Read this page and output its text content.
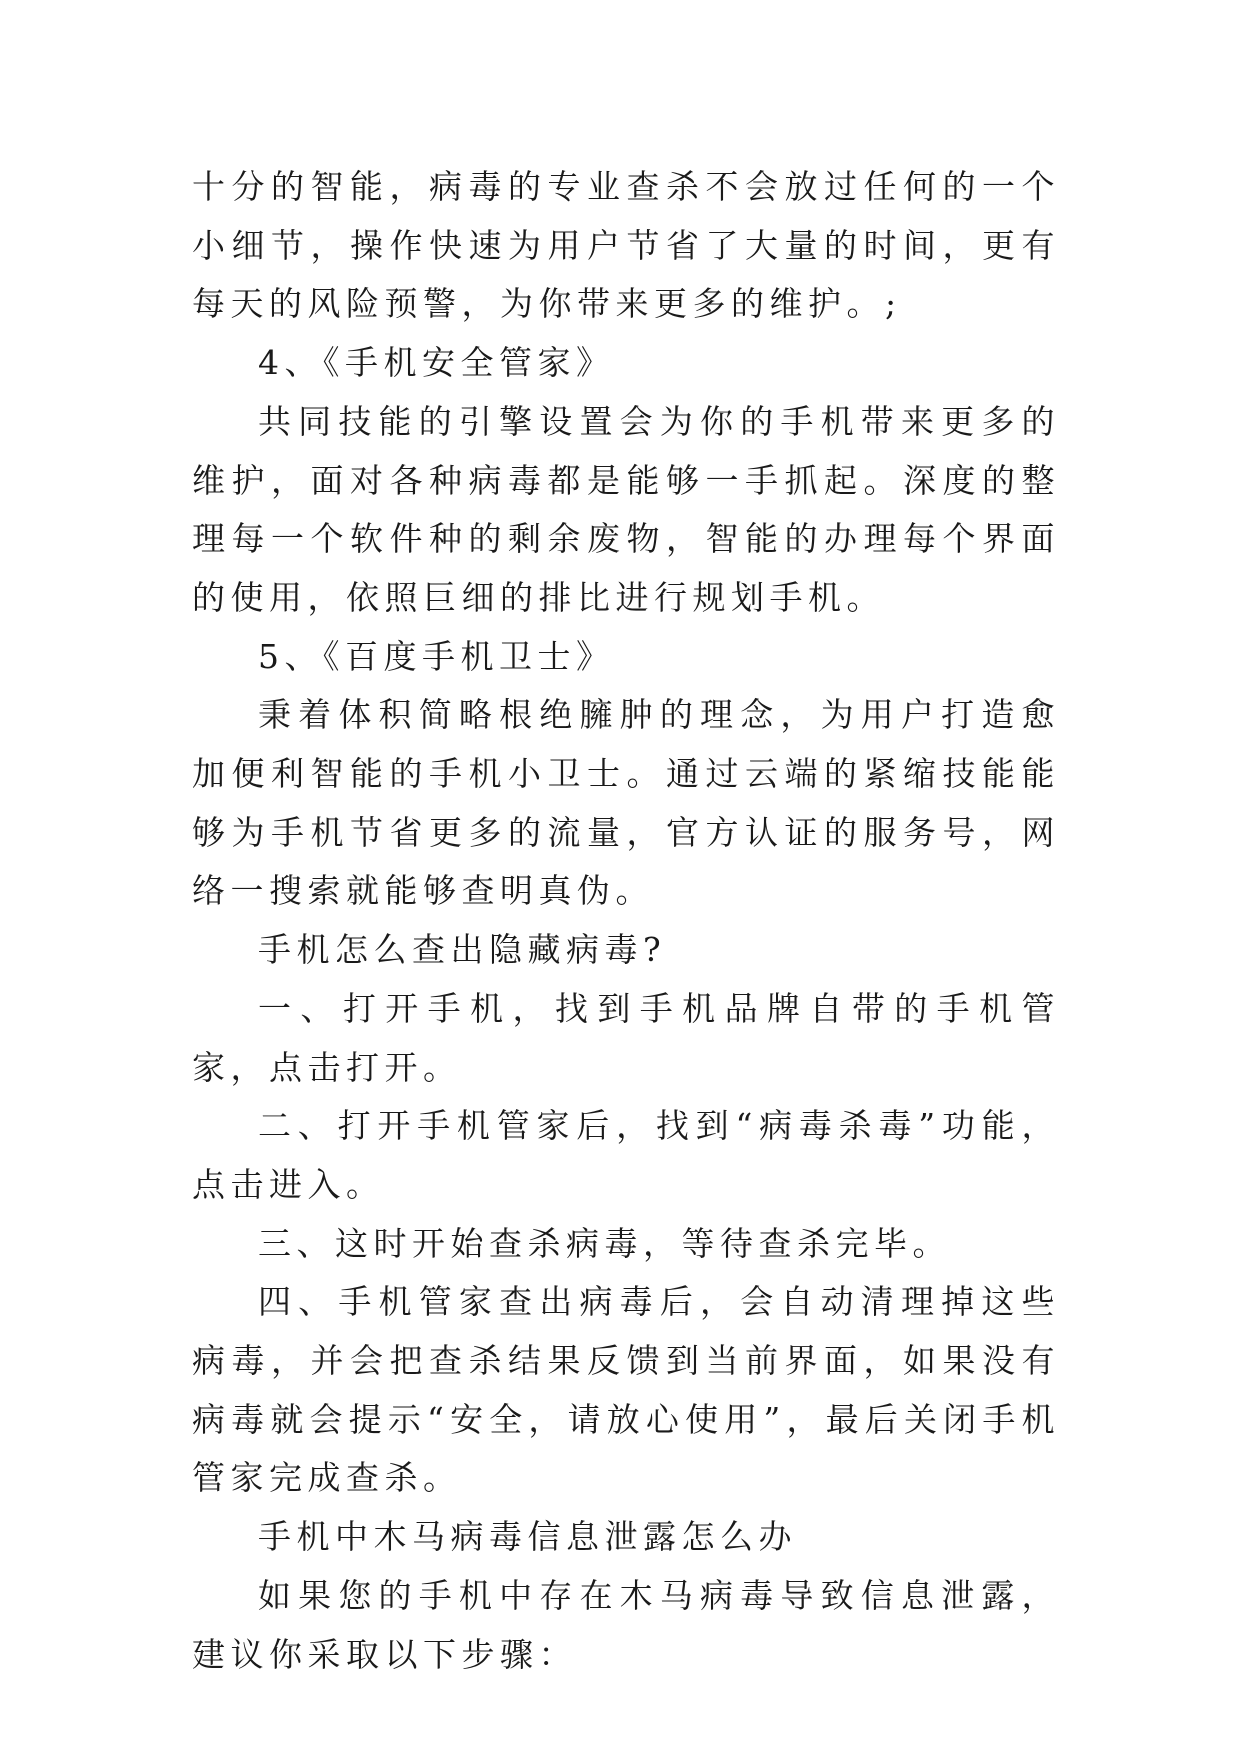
十分的智能，病毒的专业查杀不会放过任何的一个小细节，操作快速为用户节省了大量的时间，更有每天的风险预警，为你带来更多的维护。;

4、《手机安全管家》

共同技能的引擎设置会为你的手机带来更多的维护，面对各种病毒都是能够一手抓起。深度的整理每一个软件种的剩余废物，智能的办理每个界面的使用，依照巨细的排比进行规划手机。

5、《百度手机卫士》

秉着体积简略根绝臃肿的理念，为用户打造愈加便利智能的手机小卫士。通过云端的紧缩技能能够为手机节省更多的流量，官方认证的服务号，网络一搜索就能够查明真伪。

手机怎么查出隐藏病毒?

一、打开手机，找到手机品牌自带的手机管家，点击打开。

二、打开手机管家后，找到“病毒杀毒”功能，点击进入。

三、这时开始查杀病毒，等待查杀完毕。

四、手机管家查出病毒后，会自动清理掉这些病毒，并会把查杀结果反馈到当前界面，如果没有病毒就会提示“安全，请放心使用”，最后关闭手机管家完成查杀。

手机中木马病毒信息泄露怎么办

如果您的手机中存在木马病毒导致信息泄露，建议你采取以下步骤：
